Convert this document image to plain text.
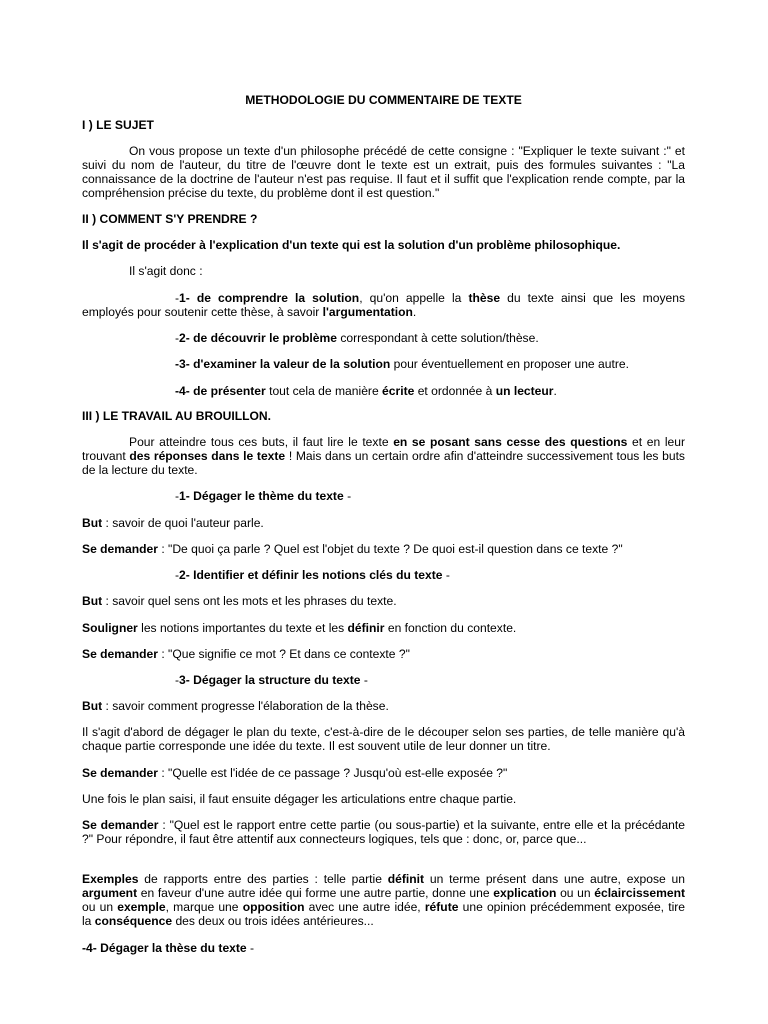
METHODOLOGIE DU COMMENTAIRE DE TEXTE

I ) LE SUJET

On vous propose un texte d'un philosophe précédé de cette consigne : "Expliquer le texte suivant :" et suivi du nom de l'auteur, du titre de l'œuvre dont le texte est un extrait, puis des formules suivantes : "La connaissance de la doctrine de l'auteur n'est pas requise. Il faut et il suffit que l'explication rende compte, par la compréhension précise du texte, du problème dont il est question."

II ) COMMENT S'Y PRENDRE ?

Il s'agit de procéder à l'explication d'un texte qui est la solution d'un problème philosophique.

Il s'agit donc :

-1- de comprendre la solution, qu'on appelle la thèse du texte ainsi que les moyens employés pour soutenir cette thèse, à savoir l'argumentation.

-2- de découvrir le problème correspondant à cette solution/thèse.

-3- d'examiner la valeur de la solution pour éventuellement en proposer une autre.

-4- de présenter tout cela de manière écrite et ordonnée à un lecteur.

III ) LE TRAVAIL AU BROUILLON.

Pour atteindre tous ces buts, il faut lire le texte en se posant sans cesse des questions et en leur trouvant des réponses dans le texte ! Mais dans un certain ordre afin d'atteindre successivement tous les buts de la lecture du texte.

-1- Dégager le thème du texte -

But : savoir de quoi l'auteur parle.

Se demander : "De quoi ça parle ? Quel est l'objet du texte ? De quoi est-il question dans ce texte ?"

-2- Identifier et définir les notions clés du texte -

But : savoir quel sens ont les mots et les phrases du texte.

Souligner les notions importantes du texte et les définir en fonction du contexte.

Se demander : "Que signifie ce mot ? Et dans ce contexte ?"

-3- Dégager la structure du texte -

But : savoir comment progresse l'élaboration de la thèse.

Il s'agit d'abord de dégager le plan du texte, c'est-à-dire de le découper selon ses parties, de telle manière qu'à chaque partie corresponde une idée du texte. Il est souvent utile de leur donner un titre.

Se demander : "Quelle est l'idée de ce passage ? Jusqu'où est-elle exposée ?"

Une fois le plan saisi, il faut ensuite dégager les articulations entre chaque partie.

Se demander : "Quel est le rapport entre cette partie (ou sous-partie) et la suivante, entre elle et la précédante ?" Pour répondre, il faut être attentif aux connecteurs logiques, tels que : donc, or, parce que...

Exemples de rapports entre des parties : telle partie définit un terme présent dans une autre, expose un argument en faveur d'une autre idée qui forme une autre partie, donne une explication ou un éclaircissement ou un exemple, marque une opposition avec une autre idée, réfute une opinion précédemment exposée, tire la conséquence des deux ou trois idées antérieures...

-4- Dégager la thèse du texte -
